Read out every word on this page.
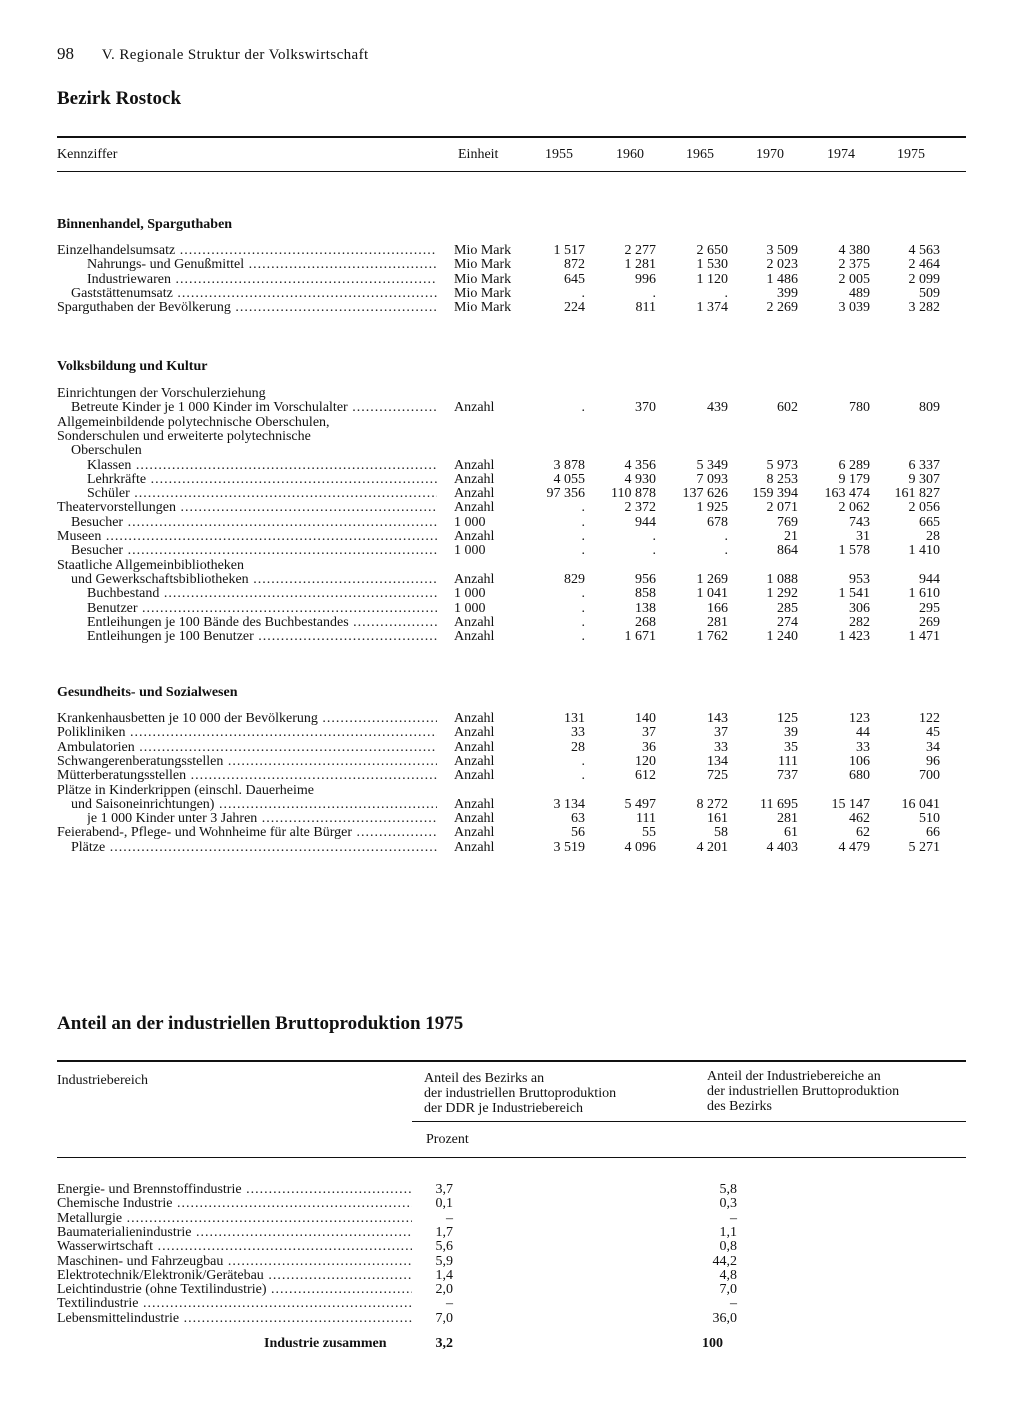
98 V. Regionale Struktur der Volkswirtschaft
Bezirk Rostock
Kennziffer	Einheit	1955	1960	1965	1970	1974	1975
Binnenhandel, Sparguthaben
Einzelhandelsumsatz .....	Mio Mark	1 517	2 277	2 650	3 509	4 380	4 563
Nahrungs- und Genußmittel .....	Mio Mark	872	1 281	1 530	2 023	2 375	2 464
Industriewaren .....	Mio Mark	645	996	1 120	1 486	2 005	2 099
Gaststättenumsatz .....	Mio Mark	.	.	.	399	489	509
Sparguthaben der Bevölkerung .....	Mio Mark	224	811	1 374	2 269	3 039	3 282
Volksbildung und Kultur
Einrichtungen der Vorschulerziehung
Betreute Kinder je 1 000 Kinder im Vorschulalter .....	Anzahl	.	370	439	602	780	809
Allgemeinbildende polytechnische Oberschulen,
Sonderschulen und erweiterte polytechnische
Oberschulen
Klassen .....	Anzahl	3 878	4 356	5 349	5 973	6 289	6 337
Lehrkräfte .....	Anzahl	4 055	4 930	7 093	8 253	9 179	9 307
Schüler .....	Anzahl	97 356	110 878	137 626	159 394	163 474	161 827
Theatervorstellungen .....	Anzahl	.	2 372	1 925	2 071	2 062	2 056
Besucher .....	1 000	.	944	678	769	743	665
Museen .....	Anzahl	.	.	.	21	31	28
Besucher .....	1 000	.	.	.	864	1 578	1 410
Staatliche Allgemeinbibliotheken
und Gewerkschaftsbibliotheken .....	Anzahl	829	956	1 269	1 088	953	944
Buchbestand .....	1 000	.	858	1 041	1 292	1 541	1 610
Benutzer .....	1 000	.	138	166	285	306	295
Entleihungen je 100 Bände des Buchbestandes .....	Anzahl	.	268	281	274	282	269
Entleihungen je 100 Benutzer .....	Anzahl	.	1 671	1 762	1 240	1 423	1 471
Gesundheits- und Sozialwesen
Krankenhausbetten je 10 000 der Bevölkerung .....	Anzahl	131	140	143	125	123	122
Polikliniken .....	Anzahl	33	37	37	39	44	45
Ambulatorien .....	Anzahl	28	36	33	35	33	34
Schwangerenberatungsstellen .....	Anzahl	.	120	134	111	106	96
Mütterberatungsstellen .....	Anzahl	.	612	725	737	680	700
Plätze in Kinderkrippen (einschl. Dauerheime
und Saisoneinrichtungen) .....	Anzahl	3 134	5 497	8 272	11 695	15 147	16 041
je 1 000 Kinder unter 3 Jahren .....	Anzahl	63	111	161	281	462	510
Feierabend-, Pflege- und Wohnheime für alte Bürger .....	Anzahl	56	55	58	61	62	66
Plätze .....	Anzahl	3 519	4 096	4 201	4 403	4 479	5 271
Anteil an der industriellen Bruttoproduktion 1975
Industriebereich	Anteil des Bezirks an
der industriellen Bruttoproduktion
der DDR je Industriebereich
Anteil der Industriebereiche an
der industriellen Bruttoproduktion
des Bezirks
Prozent
Energie- und Brennstoffindustrie .....	3,7	5,8
Chemische Industrie .....	0,1	0,3
Metallurgie .....	–	–
Baumaterialienindustrie .....	1,7	1,1
Wasserwirtschaft .....	5,6	0,8
Maschinen- und Fahrzeugbau .....	5,9	44,2
Elektrotechnik/Elektronik/Gerätebau .....	1,4	4,8
Leichtindustrie (ohne Textilindustrie) .....	2,0	7,0
Textilindustrie .....	–	–
Lebensmittelindustrie .....	7,0	36,0
Industrie zusammen	3,2	100
